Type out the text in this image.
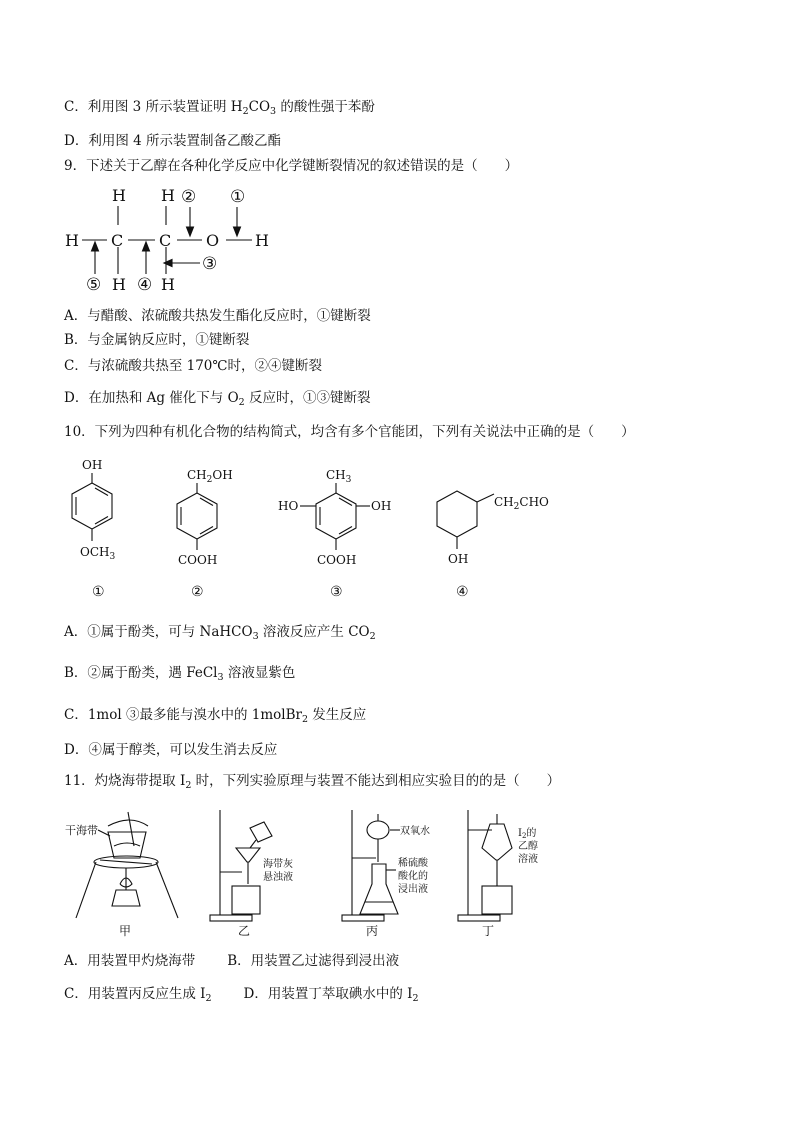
C．利用图 3 所示装置证明 $H_2CO_3$ 的酸性强于苯酚
D．利用图 4 所示装置制备乙酸乙酯
9．下述关于乙醇在各种化学反应中化学键断裂情况的叙述错误的是（　　）
H H
H C C O H
H H
①
②
③
④
⑤
A．与醋酸、浓硫酸共热发生酯化反应时，①键断裂
B．与金属钠反应时，①键断裂
C．与浓硫酸共热至 170℃时，②④键断裂
D．在加热和 Ag 催化下与 $O_2$ 反应时，①③键断裂
10．下列为四种有机化合物的结构简式，均含有多个官能团，下列有关说法中正确的是（　　）
OH
$OCH_3$
①
$CH_2OH$
COOH
②
$CH_3$
HO	OH
COOH
③
$CH_2CHO$
OH
④
A．①属于酚类，可与 NaHCO$_3$ 溶液反应产生 $CO_2$
B．②属于酚类，遇 FeCl$_3$ 溶液显紫色
C．1mol ③最多能与溴水中的 1molBr$_2$ 发生反应
D．④属于醇类，可以发生消去反应
11．灼烧海带提取 $I_2$ 时，下列实验原理与装置不能达到相应实验目的的是（　　）
干海带
甲
海带灰
悬浊液
乙
双氧水
稀硫酸
酸化的
浸出液
丙
$I_2$的
乙醇
溶液
丁
A．用装置甲灼烧海带 B．用装置乙过滤得到浸出液
C．用装置丙反应生成 $I_2$ D．用装置丁萃取碘水中的 $I_2$
